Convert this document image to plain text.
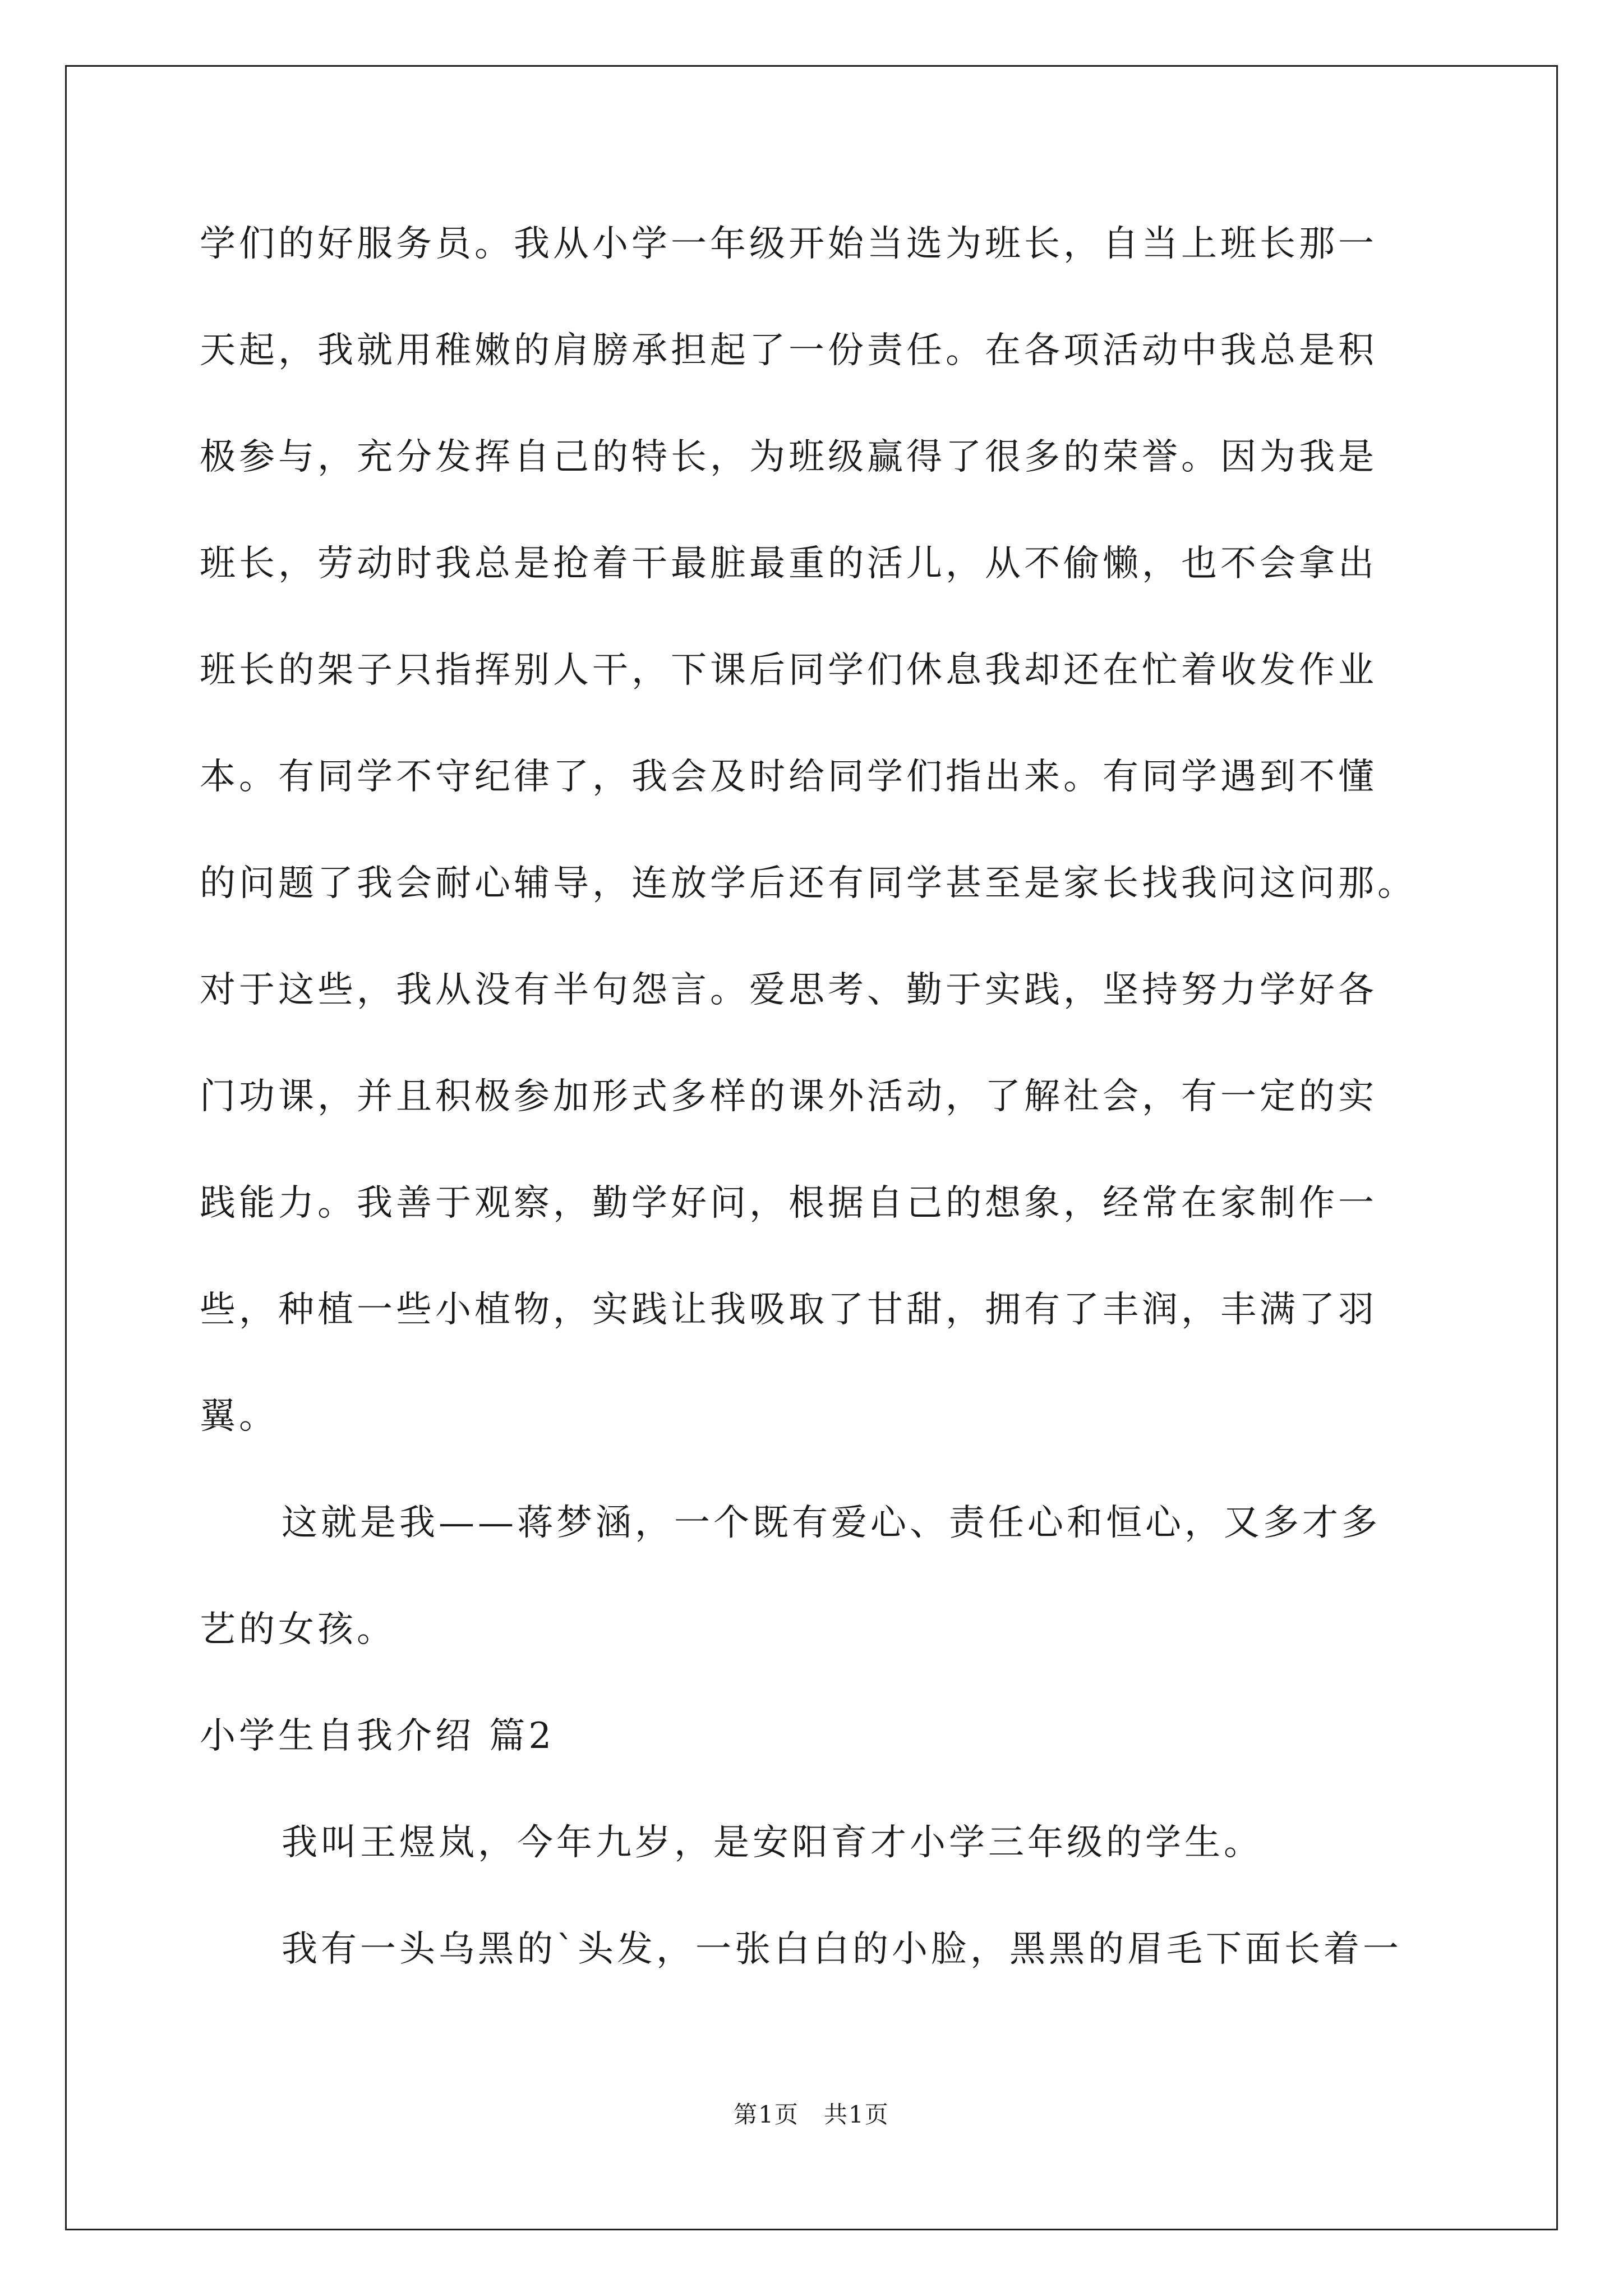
学们的好服务员。我从小学一年级开始当选为班长，自当上班长那一
天起，我就用稚嫩的肩膀承担起了一份责任。在各项活动中我总是积
极参与，充分发挥自己的特长，为班级赢得了很多的荣誉。因为我是
班长，劳动时我总是抢着干最脏最重的活儿，从不偷懒，也不会拿出
班长的架子只指挥别人干，下课后同学们休息我却还在忙着收发作业
本。有同学不守纪律了，我会及时给同学们指出来。有同学遇到不懂
的问题了我会耐心辅导，连放学后还有同学甚至是家长找我问这问那。
对于这些，我从没有半句怨言。爱思考、勤于实践，坚持努力学好各
门功课，并且积极参加形式多样的课外活动，了解社会，有一定的实
践能力。我善于观察，勤学好问，根据自己的想象，经常在家制作一
些，种植一些小植物，实践让我吸取了甘甜，拥有了丰润，丰满了羽
翼。
这就是我——蒋梦涵，一个既有爱心、责任心和恒心，又多才多
艺的女孩。
小学生自我介绍 篇2
我叫王煜岚，今年九岁，是安阳育才小学三年级的学生。
我有一头乌黑的`头发，一张白白的小脸，黑黑的眉毛下面长着一
第1页　共1页
